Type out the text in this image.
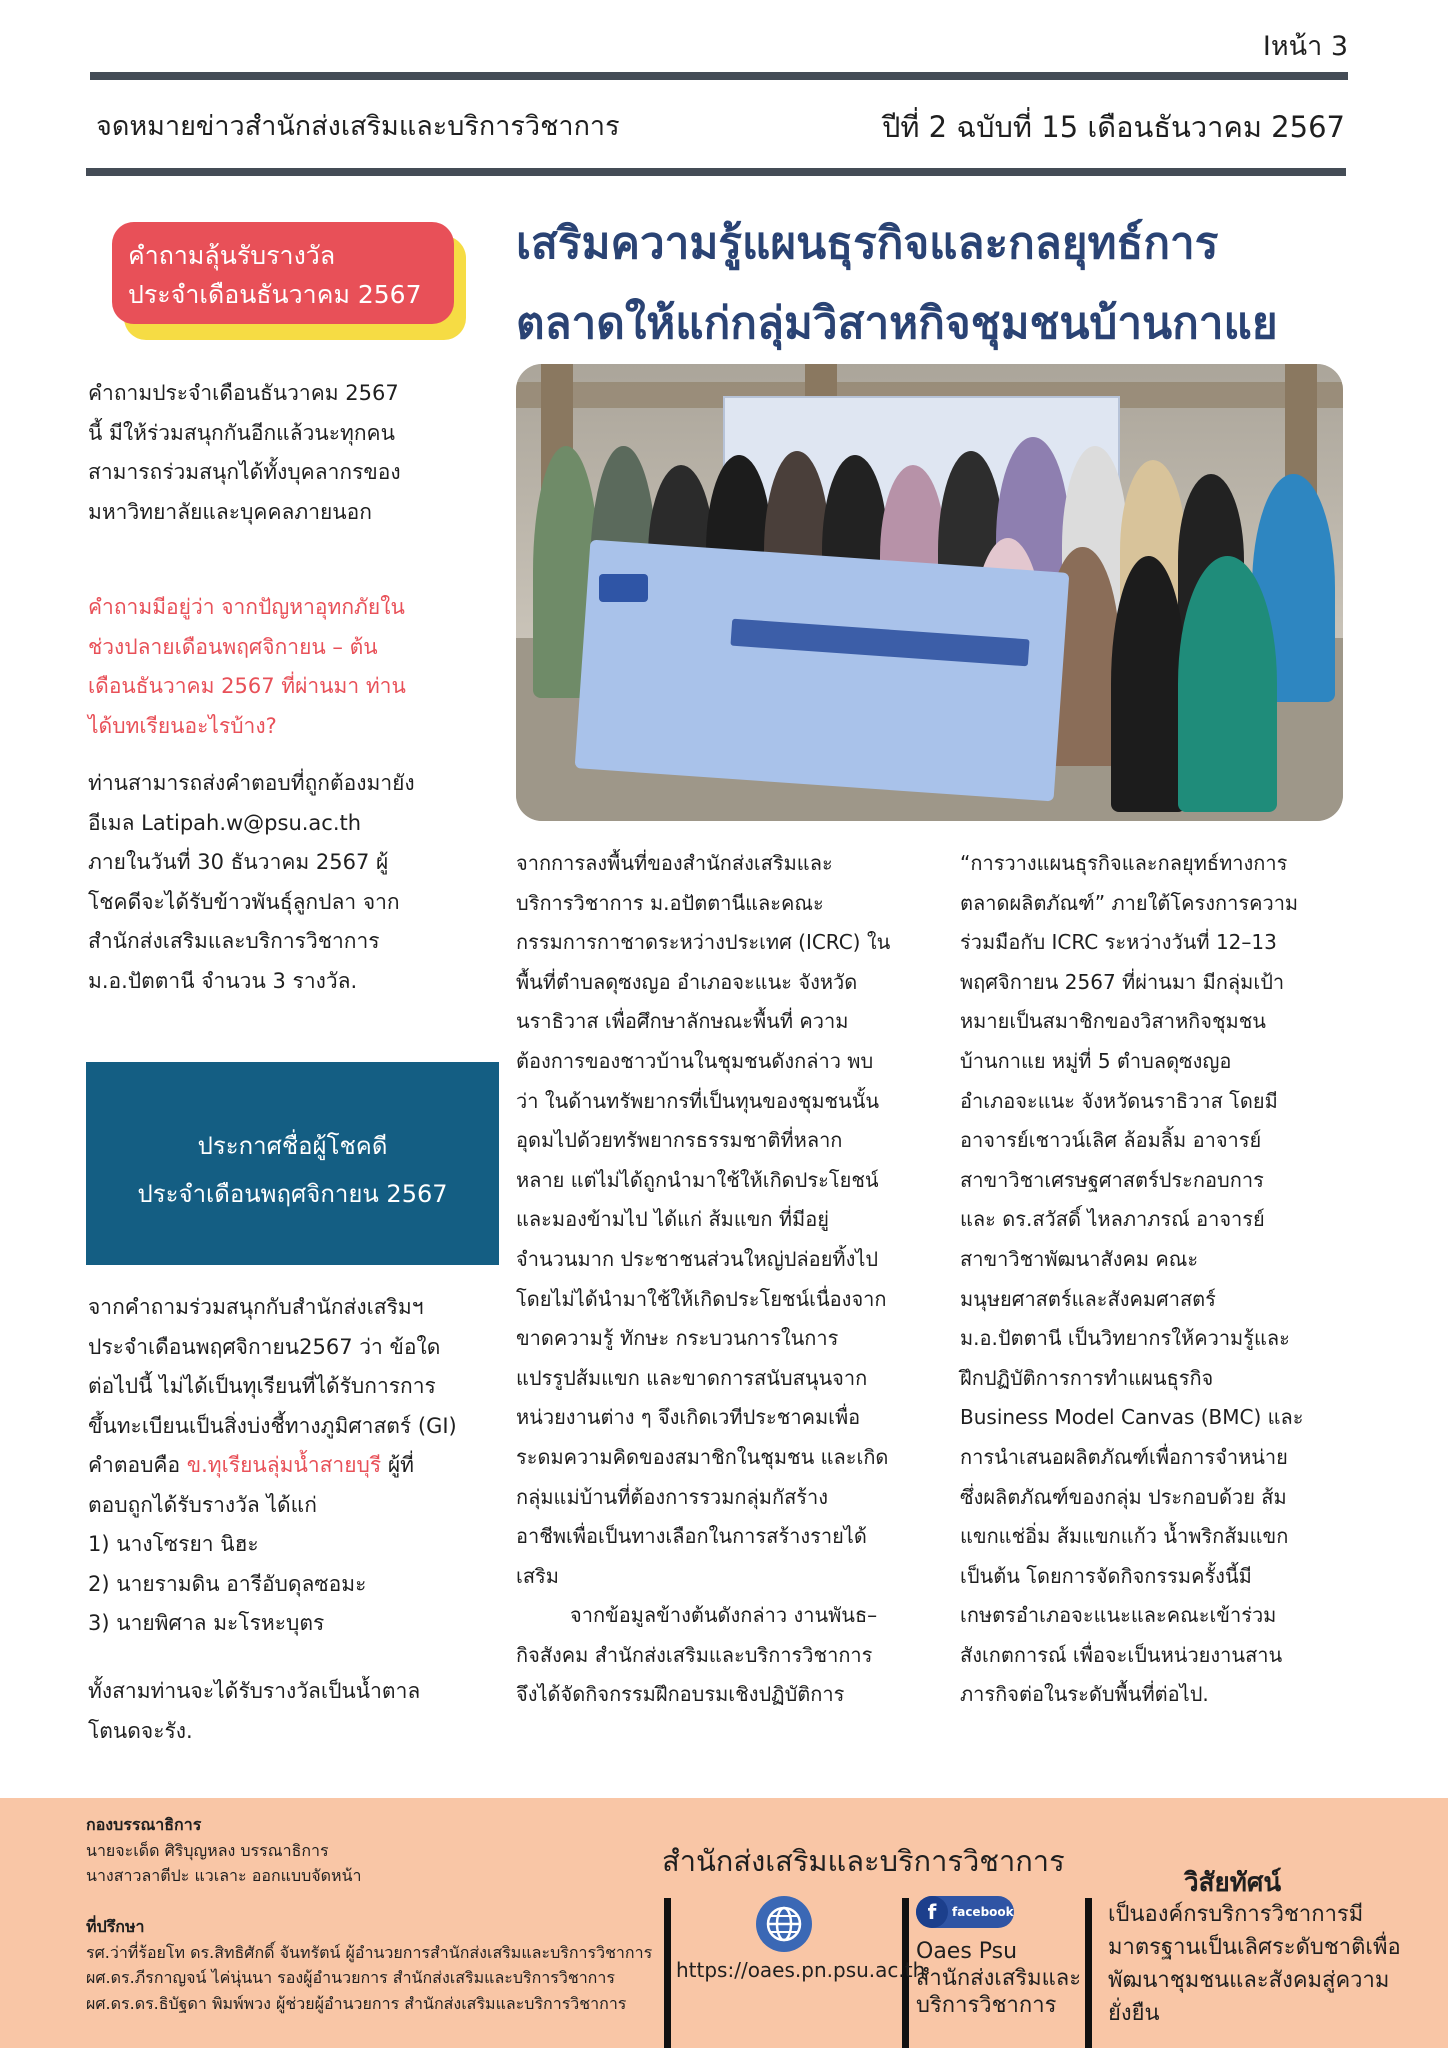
Iหน้า 3
จดหมายข่าวสำนักส่งเสริมและบริการวิชาการ	ปีที่ 2 ฉบับที่ 15 เดือนธันวาคม 2567
คำถามลุ้นรับรางวัล
ประจำเดือนธันวาคม 2567
คำถามประจำเดือนธันวาคม 2567
นี้ มีให้ร่วมสนุกกันอีกแล้วนะทุกคน
สามารถร่วมสนุกได้ทั้งบุคลากรของ
มหาวิทยาลัยและบุคคลภายนอก
คำถามมีอยู่ว่า จากปัญหาอุทกภัยใน
ช่วงปลายเดือนพฤศจิกายน – ต้น
เดือนธันวาคม 2567 ที่ผ่านมา ท่าน
ได้บทเรียนอะไรบ้าง?
ท่านสามารถส่งคำตอบที่ถูกต้องมายัง
อีเมล Latipah.w@psu.ac.th
ภายในวันที่ 30 ธันวาคม 2567 ผู้
โชคดีจะได้รับข้าวพันธุ์ลูกปลา จาก
สำนักส่งเสริมและบริการวิชาการ
ม.อ.ปัตตานี จำนวน 3 รางวัล.
ประกาศชื่อผู้โชคดี
ประจำเดือนพฤศจิกายน 2567
จากคำถามร่วมสนุกกับสำนักส่งเสริมฯ
ประจำเดือนพฤศจิกายน2567 ว่า ข้อใด
ต่อไปนี้ ไม่ได้เป็นทุเรียนที่ได้รับการการ
ขึ้นทะเบียนเป็นสิ่งบ่งชี้ทางภูมิศาสตร์ (GI)
คำตอบคือ ข.ทุเรียนลุ่มน้ำสายบุรี ผู้ที่
ตอบถูกได้รับรางวัล ได้แก่
1) นางโซรยา นิฮะ
2) นายรามดิน อารีอับดุลซอมะ
3) นายพิศาล มะโรหะบุตร
ทั้งสามท่านจะได้รับรางวัลเป็นน้ำตาล
โตนดจะรัง.
เสริมความรู้แผนธุรกิจและกลยุทธ์การ
ตลาดให้แก่กลุ่มวิสาหกิจชุมชนบ้านกาแย
จากการลงพื้นที่ของสำนักส่งเสริมและ
บริการวิชาการ ม.อปัตตานีและคณะ
กรรมการกาชาดระหว่างประเทศ (ICRC) ใน
พื้นที่ตำบลดุซงญอ อำเภอจะแนะ จังหวัด
นราธิวาส เพื่อศึกษาลักษณะพื้นที่ ความ
ต้องการของชาวบ้านในชุมชนดังกล่าว พบ
ว่า ในด้านทรัพยากรที่เป็นทุนของชุมชนนั้น
อุดมไปด้วยทรัพยากรธรรมชาติที่หลาก
หลาย แต่ไม่ได้ถูกนำมาใช้ให้เกิดประโยชน์
และมองข้ามไป ได้แก่ ส้มแขก ที่มีอยู่
จำนวนมาก ประชาชนส่วนใหญ่ปล่อยทิ้งไป
โดยไม่ได้นำมาใช้ให้เกิดประโยชน์เนื่องจาก
ขาดความรู้ ทักษะ กระบวนการในการ
แปรรูปส้มแขก และขาดการสนับสนุนจาก
หน่วยงานต่าง ๆ จึงเกิดเวทีประชาคมเพื่อ
ระดมความคิดของสมาชิกในชุมชน และเกิด
กลุ่มแม่บ้านที่ต้องการรวมกลุ่มกัสร้าง
อาชีพเพื่อเป็นทางเลือกในการสร้างรายได้
เสริม
จากข้อมูลข้างต้นดังกล่าว งานพันธ–
กิจสังคม สำนักส่งเสริมและบริการวิชาการ
จึงได้จัดกิจกรรมฝึกอบรมเชิงปฏิบัติการ
“การวางแผนธุรกิจและกลยุทธ์ทางการ
ตลาดผลิตภัณฑ์” ภายใต้โครงการความ
ร่วมมือกับ ICRC ระหว่างวันที่ 12–13
พฤศจิกายน 2567 ที่ผ่านมา มีกลุ่มเป้า
หมายเป็นสมาชิกของวิสาหกิจชุมชน
บ้านกาแย หมู่ที่ 5 ตำบลดุซงญอ
อำเภอจะแนะ จังหวัดนราธิวาส โดยมี
อาจารย์เชาวน์เลิศ ล้อมลิ้ม อาจารย์
สาขาวิชาเศรษฐศาสตร์ประกอบการ
และ ดร.สวัสดิ์ ไหลภาภรณ์ อาจารย์
สาขาวิชาพัฒนาสังคม คณะ
มนุษยศาสตร์และสังคมศาสตร์
ม.อ.ปัตตานี เป็นวิทยากรให้ความรู้และ
ฝึกปฏิบัติการการทำแผนธุรกิจ
Business Model Canvas (BMC) และ
การนำเสนอผลิตภัณฑ์เพื่อการจำหน่าย
ซึ่งผลิตภัณฑ์ของกลุ่ม ประกอบด้วย ส้ม
แขกแช่อิ่ม ส้มแขกแก้ว น้ำพริกส้มแขก
เป็นต้น โดยการจัดกิจกรรมครั้งนี้มี
เกษตรอำเภอจะแนะและคณะเข้าร่วม
สังเกตการณ์ เพื่อจะเป็นหน่วยงานสาน
ภารกิจต่อในระดับพื้นที่ต่อไป.
กองบรรณาธิการ
นายจะเด็ด ศิริบุญหลง บรรณาธิการ
นางสาวลาตีปะ แวเลาะ ออกแบบจัดหน้า
ที่ปรึกษา
รศ.ว่าที่ร้อยโท ดร.สิทธิศักดิ์ จันทรัตน์ ผู้อำนวยการสำนักส่งเสริมและบริการวิชาการ
ผศ.ดร.ภีรกาญจน์ ไค่นุ่นนา รองผู้อำนวยการ สำนักส่งเสริมและบริการวิชาการ
ผศ.ดร.ดร.ธิบัฐดา พิมพ์พวง ผู้ช่วยผู้อำนวยการ สำนักส่งเสริมและบริการวิชาการ
สำนักส่งเสริมและบริการวิชาการ
https://oaes.pn.psu.ac.th
f	facebook
Oaes Psu
สำนักส่งเสริมและ
บริการวิชาการ
วิสัยทัศน์
เป็นองค์กรบริการวิชาการมี
มาตรฐานเป็นเลิศระดับชาติเพื่อ
พัฒนาชุมชนและสังคมสู่ความ
ยั่งยืน
